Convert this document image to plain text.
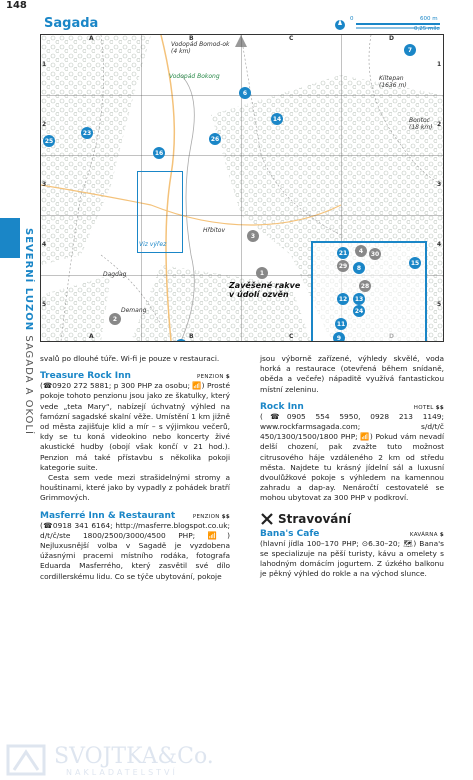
148
Sagada	0	600 m
0,25 míle
A	B	C	D
A	B	C
1
2
3
4
5
1
2
3
4
5
Vodopád Bomod-ok
(4 km)
Vodopád Bokong	Kiltepan
(1636 m)
Bontoc
(18 km)
Hřbitov
Dagdag
Demang
Viz výřez
Zavěšené rakve
v údolí ozvěn
1
2
3
4
6
7
8
9
11
12	13
14
15
16
21
23
24
25	26
28
29
30
SEVERNÍ LUZON SAGADA A OKOLÍ svalů po dlouhé túře. Wi-fi je pouze v restauraci.

Treasure Rock Inn	PENZION $

(☎0920 272 5881; p 300 PHP za osobu; 📶) Prosté pokoje tohoto penzionu jsou jako ze škatulky, který vede „teta Mary“, nabízejí úchvatný výhled na famózní sagadské skalní věže. Umístění 1 km jižně od města zajišťuje klid a mír – s výjimkou večerů, kdy se tu koná videokino nebo koncerty živé akustické hudby (obojí však končí v 21 hod.). Penzion má také přístavbu s několika pokoji kategorie suite.

Cesta sem vede mezi strašidelnými stromy a houštinami, které jako by vypadly z pohádek bratří Grimmových.

Masferré Inn & Restaurant	PENZION $$

(☎0918 341 6164; http://masferre.blogspot.co.uk; d/t/č/ste 1800/2500/3000/4500 PHP; 📶) Nejluxusnější volba v Sagadě je vyzdobena úžasnými pracemi místního rodáka, fotografa Eduarda Masferrého, který zasvětil své dílo cordillerskému lidu. Co se týče ubytování, pokoje

jsou výborně zařízené, výhledy skvělé, voda horká a restaurace (otevřená během snídaně, oběda a večeře) nápaditě využívá fantastickou místní zeleninu.

Rock Inn	HOTEL $$

(☎0905 554 5950, 0928 213 1149; www.rockfarmsagada.com; s/d/t/č 450/1300/1500/1800 PHP; 📶) Pokud vám nevadí delší chození, pak zvažte tuto možnost citrusového háje vzdáleného 2 km od středu města. Najdete tu krásný jídelní sál a luxusní dvoulůžkové pokoje s výhledem na kamennou zahradu a dap-ay. Nenáročtí cestovatelé se mohou ubytovat za 300 PHP v podkroví.

Stravování
Bana's Cafe	KAVÁRNA $

(hlavní jídla 100–170 PHP; ⊙6.30–20; 🗺) Bana's se specializuje na pěší turisty, kávu a omelety s lahodným domácím jogurtem. Z úzkého balkonu je pěkný výhled do rokle a na východ slunce.

SVOJTKA&Co.
NAKLADATELSTVÍ
